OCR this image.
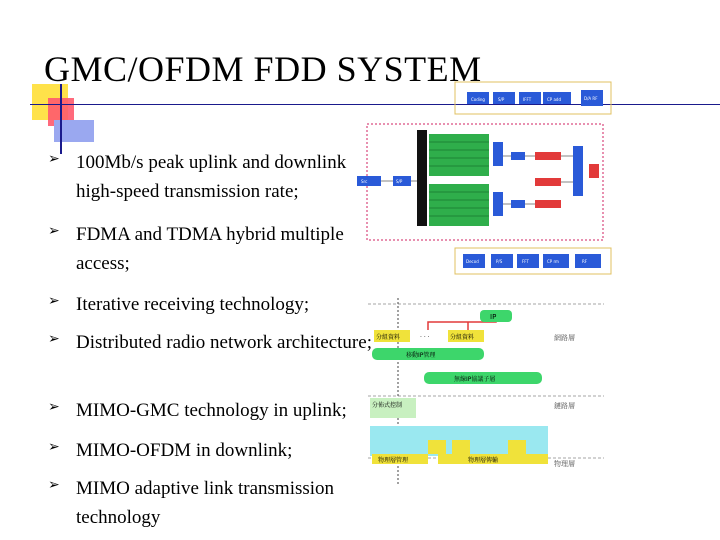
GMC/OFDM FDD SYSTEM
➢ 100Mb/s peak uplink and downlink high-speed transmission rate;
➢ FDMA and TDMA hybrid multiple access;
➢ Iterative receiving technology;
➢ Distributed radio network architecture;
➢ MIMO-GMC technology in uplink;
➢ MIMO-OFDM in downlink;
➢ MIMO adaptive link transmission technology
Coding	S/P	IFFT	CP add	D/A RF
Src	S/P
Decod	P/S	FFT	CP rm	RF
IP
分組資料	· · ·	分組資料
移動IP管理
無線IP協議子層
分佈式控制
物理層管理	物理層傳輸
網路層
鏈路層
物理層
